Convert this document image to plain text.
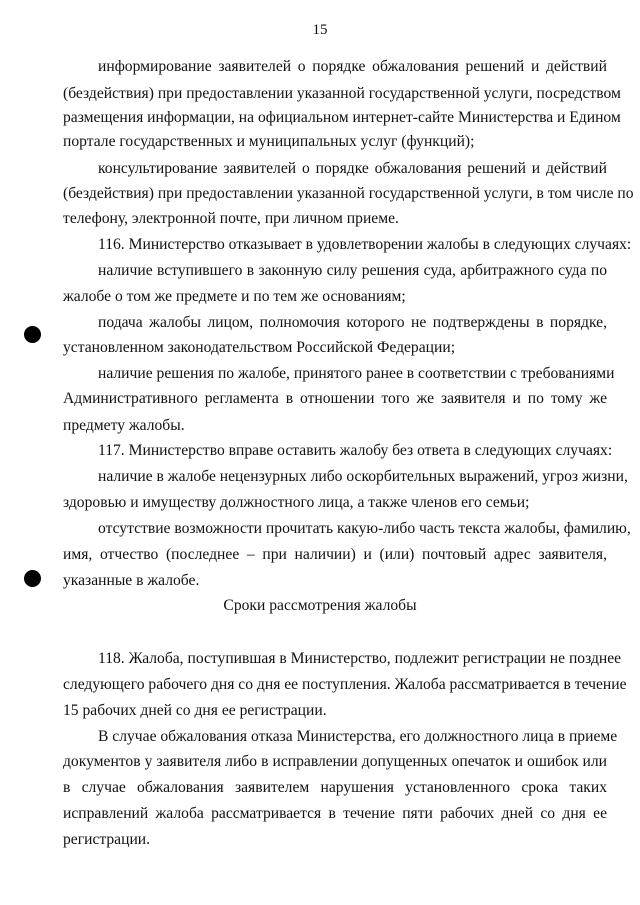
15
информирование заявителей о порядке обжалования решений и действий
(бездействия) при предоставлении указанной государственной услуги, посредством
размещения информации, на официальном интернет-сайте Министерства и Едином
портале государственных и муниципальных услуг (функций);
консультирование заявителей о порядке обжалования решений и действий
(бездействия) при предоставлении указанной государственной услуги, в том числе по
телефону, электронной почте, при личном приеме.
116. Министерство отказывает в удовлетворении жалобы в следующих случаях:
наличие вступившего в законную силу решения суда, арбитражного суда по
жалобе о том же предмете и по тем же основаниям;
подача жалобы лицом, полномочия которого не подтверждены в порядке,
установленном законодательством Российской Федерации;
наличие решения по жалобе, принятого ранее в соответствии с требованиями
Административного регламента в отношении того же заявителя и по тому же
предмету жалобы.
117. Министерство вправе оставить жалобу без ответа в следующих случаях:
наличие в жалобе нецензурных либо оскорбительных выражений, угроз жизни,
здоровью и имуществу должностного лица, а также членов его семьи;
отсутствие возможности прочитать какую-либо часть текста жалобы, фамилию,
имя, отчество (последнее – при наличии) и (или) почтовый адрес заявителя,
указанные в жалобе.
Сроки рассмотрения жалобы
118. Жалоба, поступившая в Министерство, подлежит регистрации не позднее
следующего рабочего дня со дня ее поступления. Жалоба рассматривается в течение
15 рабочих дней со дня ее регистрации.
В случае обжалования отказа Министерства, его должностного лица в приеме
документов у заявителя либо в исправлении допущенных опечаток и ошибок или
в случае обжалования заявителем нарушения установленного срока таких
исправлений жалоба рассматривается в течение пяти рабочих дней со дня ее
регистрации.
